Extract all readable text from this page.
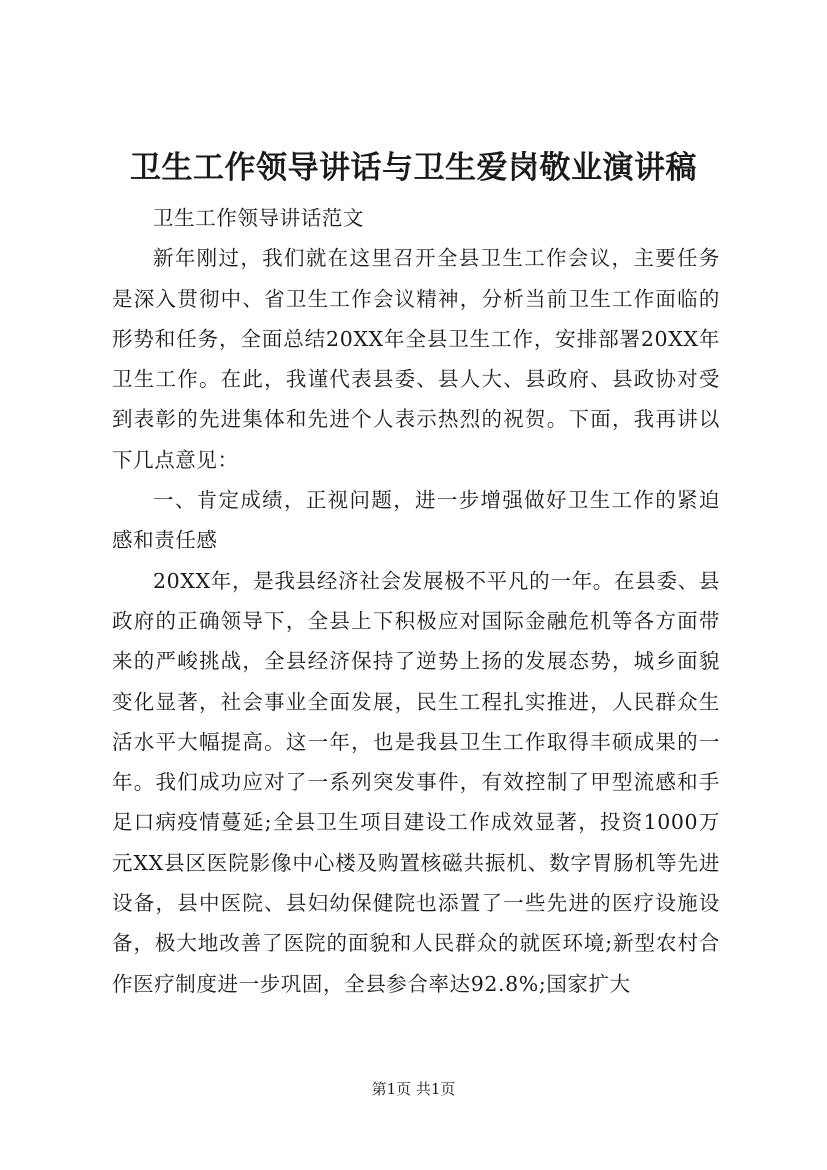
卫生工作领导讲话与卫生爱岗敬业演讲稿

卫生工作领导讲话范文

新年刚过，我们就在这里召开全县卫生工作会议，主要任务是深入贯彻中、省卫生工作会议精神，分析当前卫生工作面临的形势和任务，全面总结20XX年全县卫生工作，安排部署20XX年卫生工作。在此，我谨代表县委、县人大、县政府、县政协对受到表彰的先进集体和先进个人表示热烈的祝贺。下面，我再讲以下几点意见：

一、肯定成绩，正视问题，进一步增强做好卫生工作的紧迫感和责任感

20XX年，是我县经济社会发展极不平凡的一年。在县委、县政府的正确领导下，全县上下积极应对国际金融危机等各方面带来的严峻挑战，全县经济保持了逆势上扬的发展态势，城乡面貌变化显著，社会事业全面发展，民生工程扎实推进，人民群众生活水平大幅提高。这一年，也是我县卫生工作取得丰硕成果的一年。我们成功应对了一系列突发事件，有效控制了甲型流感和手足口病疫情蔓延;全县卫生项目建设工作成效显著，投资1000万元XX县区医院影像中心楼及购置核磁共振机、数字胃肠机等先进设备，县中医院、县妇幼保健院也添置了一些先进的医疗设施设备，极大地改善了医院的面貌和人民群众的就医环境;新型农村合作医疗制度进一步巩固，全县参合率达92.8%;国家扩大

第1页 共1页
